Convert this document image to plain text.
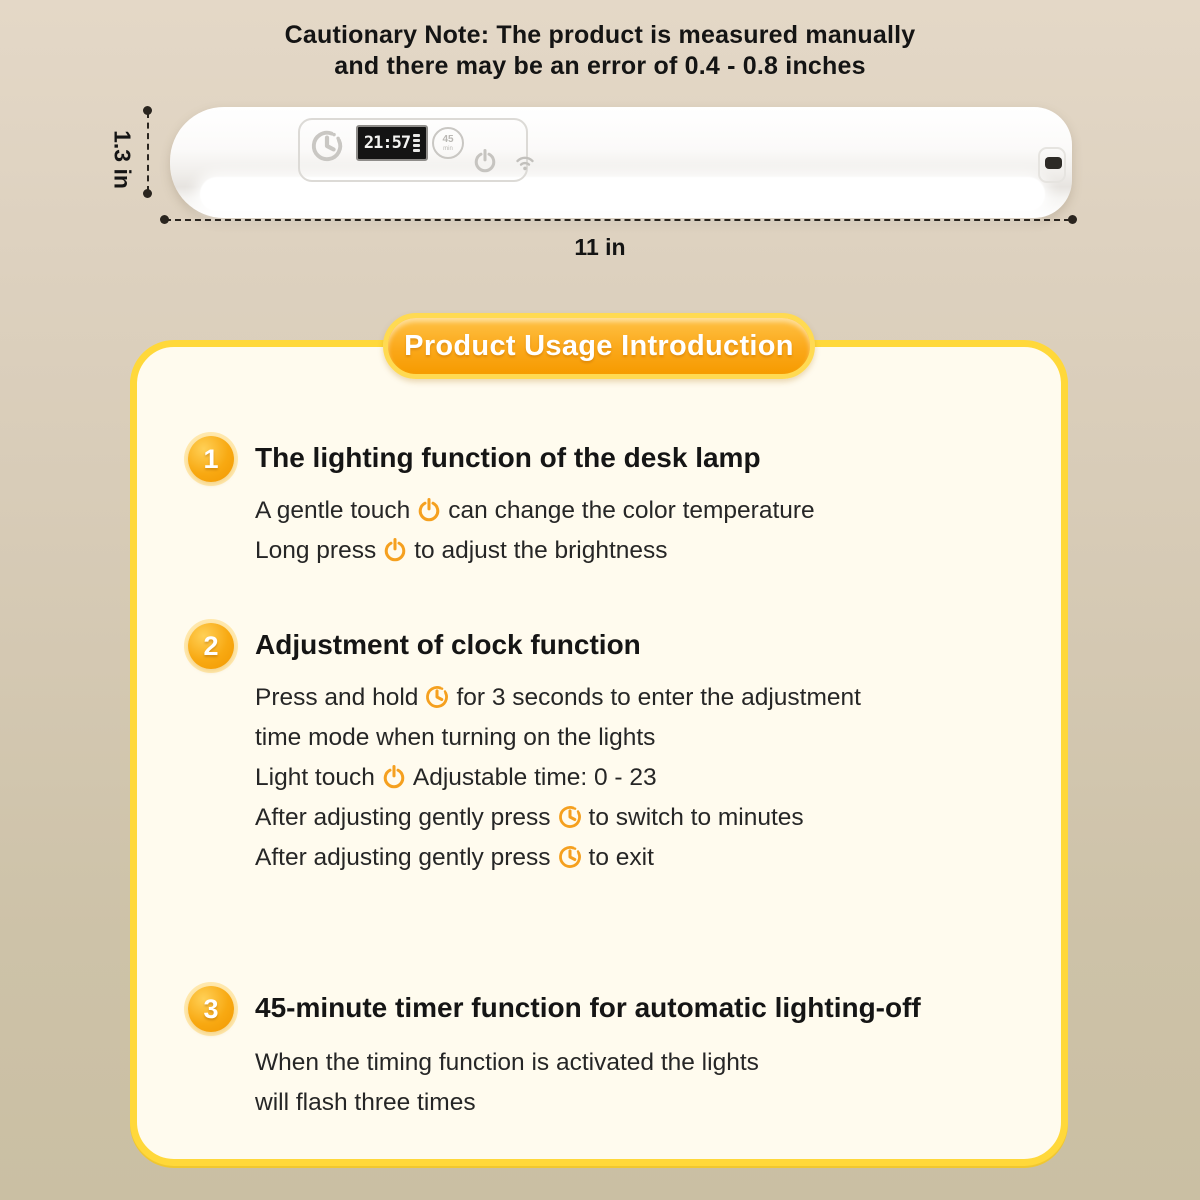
Cautionary Note: The product is measured manually
and there may be an error of 0.4 - 0.8 inches
21:57	45
min
1.3 in
11 in
Product Usage Introduction
1	The lighting function of the desk lamp
A gentle touch can change the color temperature
Long press to adjust the brightness
2	Adjustment of clock function
Press and hold for 3 seconds to enter the adjustment
time mode when turning on the lights
Light touch Adjustable time: 0 - 23
After adjusting gently press to switch to minutes
After adjusting gently press to exit
3	45-minute timer function for automatic lighting-off
When the timing function is activated the lights
will flash three times
